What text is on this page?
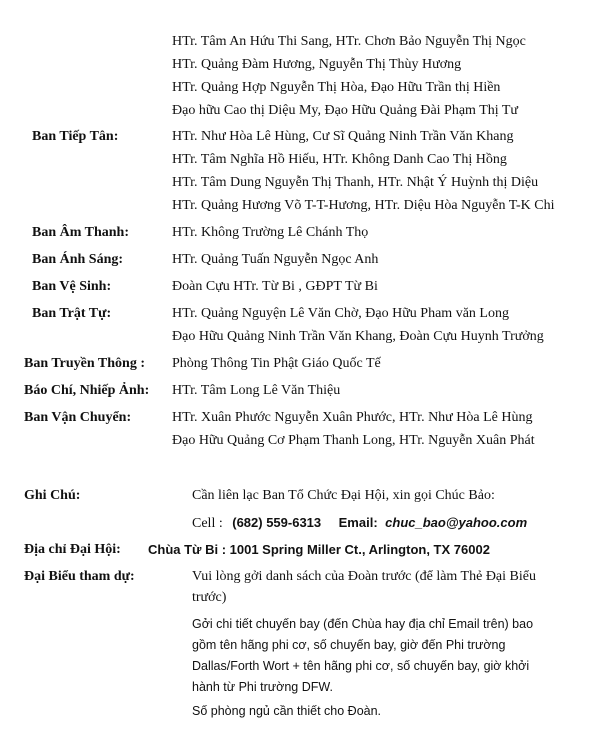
HTr. Tâm An Hứu Thi Sang, HTr. Chơn Bảo Nguyễn Thị Ngọc
HTr. Quảng Đàm Hương, Nguyễn Thị Thùy Hương
HTr. Quảng Hợp Nguyễn Thị Hòa, Đạo Hữu Trần thị Hiền
Đạo hữu Cao thị Diệu My, Đạo Hữu Quảng Đài Phạm Thị Tư
Ban Tiếp Tân:	HTr. Như Hòa Lê Hùng, Cư Sĩ Quảng Ninh Trần Văn Khang
HTr. Tâm Nghĩa Hồ Hiếu, HTr. Không Danh Cao Thị Hồng
HTr. Tâm Dung Nguyễn Thị Thanh, HTr. Nhật Ý Huỳnh thị Diệu
HTr. Quảng Hương Võ T-T-Hương, HTr. Diệu Hòa Nguyễn T-K Chi
Ban Âm Thanh:	HTr. Không Trường Lê Chánh Thọ
Ban Ánh Sáng:	HTr. Quảng Tuấn Nguyễn Ngọc Anh
Ban Vệ Sinh:	Đoàn Cựu HTr. Từ Bi , GĐPT Từ Bi
Ban Trật Tự:	HTr. Quảng Nguyện Lê Văn Chờ, Đạo Hữu Pham văn Long
Đạo Hữu Quảng Ninh Trần Văn Khang, Đoàn Cựu Huynh Trưởng
Ban Truyền Thông : Phòng Thông Tin Phật Giáo Quốc Tế
Báo Chí, Nhiếp Ảnh: HTr. Tâm Long Lê Văn Thiệu
Ban Vận Chuyển:	HTr. Xuân Phước Nguyễn Xuân Phước, HTr. Như Hòa Lê Hùng
Đạo Hữu Quảng Cơ Phạm Thanh Long, HTr. Nguyễn Xuân Phát
Ghi Chú:	Cần liên lạc Ban Tổ Chức Đại Hội, xin gọi Chúc Bảo:
Cell : (682) 559-6313 Email: chuc_bao@yahoo.com
Địa chỉ Đại Hội: Chùa Từ Bi : 1001 Spring Miller Ct., Arlington, TX 76002
Đại Biểu tham dự:	Vui lòng gởi danh sách của Đoàn trước (để làm Thẻ Đại Biểu
trước)
Gởi chi tiết chuyến bay (đến Chùa hay địa chỉ Email trên) bao
gồm tên hãng phi cơ, số chuyến bay, giờ đến Phi trường
Dallas/Forth Wort + tên hãng phi cơ, số chuyến bay, giờ khởi
hành từ Phi trường DFW.
Số phòng ngủ cần thiết cho Đoàn.
